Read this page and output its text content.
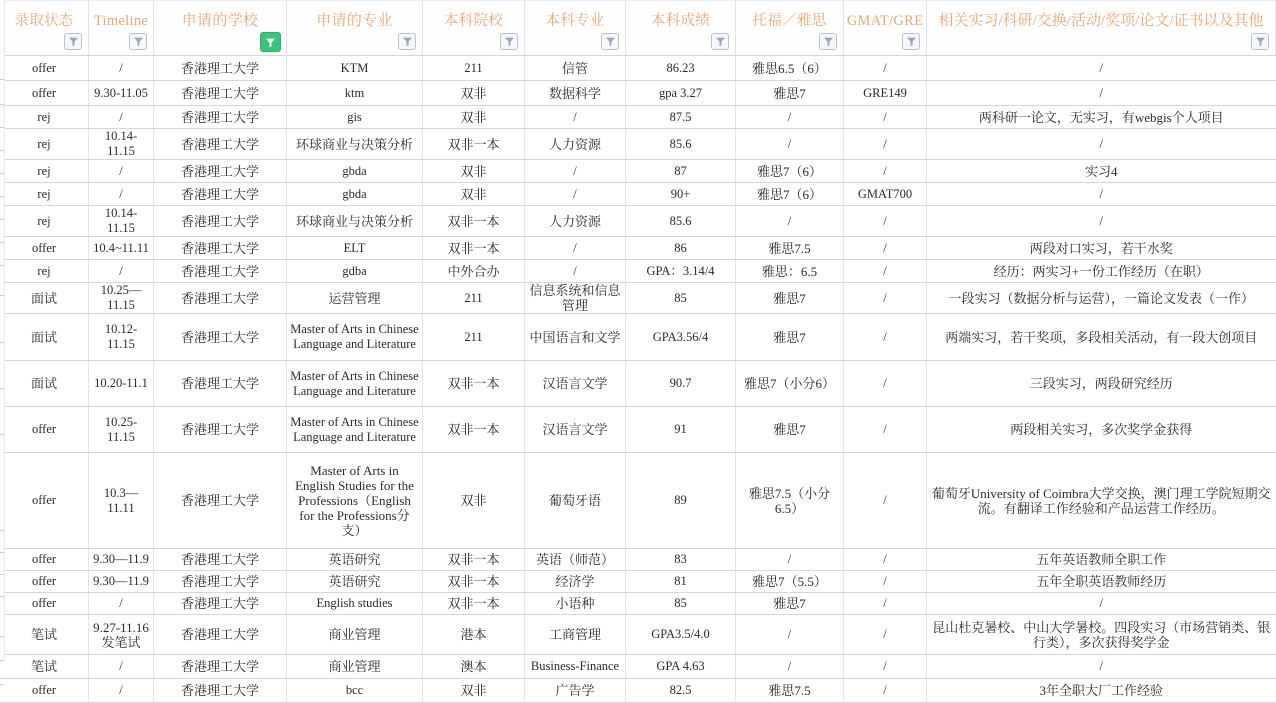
录取状态	Timeline	申请的学校	申请的专业	本科院校	本科专业	本科成绩	托福／雅思	GMAT/GRE	相关实习/科研/交换/活动/奖项/论文/证书以及其他

offer	/	香港理工大学	KTM	211	信管	86.23	雅思6.5（6）	/	/
offer	9.30-11.05	香港理工大学	ktm	双非	数据科学	gpa 3.27	雅思7	GRE149	/
rej	/	香港理工大学	gis	双非	/	87.5	/	/	两科研一论文，无实习，有webgis个人项目
rej	10.14-11.15	香港理工大学	环球商业与决策分析	双非一本	人力资源	85.6	/	/	/
rej	/	香港理工大学	gbda	双非	/	87	雅思7（6）	/	实习4
rej	/	香港理工大学	gbda	双非	/	90+	雅思7（6）	GMAT700	/
rej	10.14-11.15	香港理工大学	环球商业与决策分析	双非一本	人力资源	85.6	/	/	/
offer	10.4~11.11	香港理工大学	ELT	双非一本	/	86	雅思7.5	/	两段对口实习，若干水奖
rej	/	香港理工大学	gdba	中外合办	/	GPA：3.14/4	雅思：6.5	/	经历：两实习+一份工作经历（在职）
面试	10.25—11.15	香港理工大学	运营管理	211	信息系统和信息管理	85	雅思7	/	一段实习（数据分析与运营），一篇论文发表（一作）
面试	10.12-11.15	香港理工大学	Master of Arts in Chinese Language and Literature	211	中国语言和文学	GPA3.56/4	雅思7	/	两端实习，若干奖项，多段相关活动，有一段大创项目
面试	10.20-11.1	香港理工大学	Master of Arts in Chinese Language and Literature	双非一本	汉语言文学	90.7	雅思7（小分6）	/	三段实习，两段研究经历
offer	10.25-11.15	香港理工大学	Master of Arts in Chinese Language and Literature	双非一本	汉语言文学	91	雅思7	/	两段相关实习，多次奖学金获得
offer	10.3—11.11	香港理工大学	Master of Arts in English Studies for the Professions（English for the Professions分支）	双非	葡萄牙语	89	雅思7.5（小分6.5）	/	葡萄牙University of Coimbra大学交换，澳门理工学院短期交流。有翻译工作经验和产品运营工作经历。
offer	9.30—11.9	香港理工大学	英语研究	双非一本	英语（师范）	83	/	/	五年英语教师全职工作
offer	9.30—11.9	香港理工大学	英语研究	双非一本	经济学	81	雅思7（5.5）	/	五年全职英语教师经历
offer	/	香港理工大学	English studies	双非一本	小语种	85	雅思7	/	/
笔试	9.27-11.16发笔试	香港理工大学	商业管理	港本	工商管理	GPA3.5/4.0	/	/	昆山杜克暑校、中山大学暑校。四段实习（市场营销类、银行类），多次获得奖学金
笔试	/	香港理工大学	商业管理	澳本	Business-Finance	GPA 4.63	/	/	/
offer	/	香港理工大学	bcc	双非	广告学	82.5	雅思7.5	/	3年全职大厂工作经验
